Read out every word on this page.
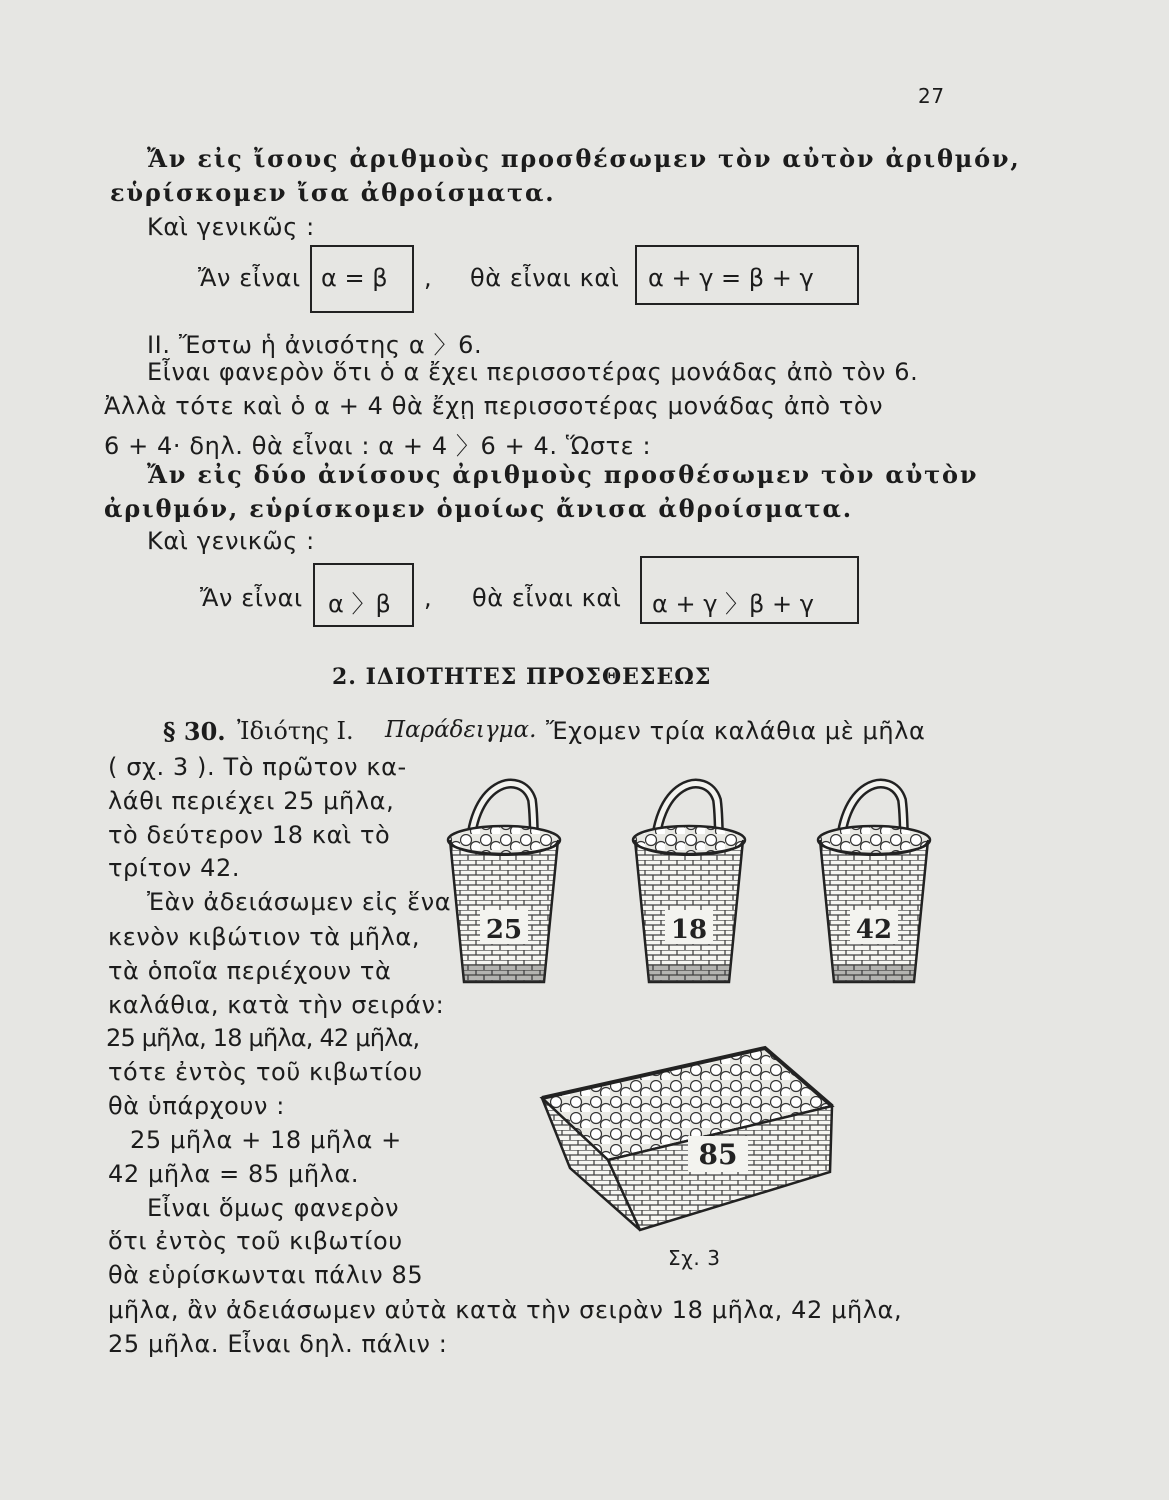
27
Ἄν εἰς ἴσους ἀριθμοὺς προσθέσωμεν τὸν αὐτὸν ἀριθμόν,
εὑρίσκομεν ἴσα ἀθροίσματα.
Καὶ γενικῶς :
Ἄν εἶναι α = β , θὰ εἶναι καὶ α + γ = β + γ
II. Ἔστω ἡ ἀνισότης α 〉6.
Εἶναι φανερὸν ὅτι ὁ α ἔχει περισσοτέρας μονάδας ἀπὸ τὸν 6.
Ἀλλὰ τότε καὶ ὁ α + 4 θὰ ἔχῃ περισσοτέρας μονάδας ἀπὸ τὸν
6 + 4· δηλ. θὰ εἶναι : α + 4 〉6 + 4. Ὥστε :
Ἄν εἰς δύο ἀνίσους ἀριθμοὺς προσθέσωμεν τὸν αὐτὸν
ἀριθμόν, εὑρίσκομεν ὁμοίως ἄνισα ἀθροίσματα.
Καὶ γενικῶς :
Ἄν εἶναι α 〉β , θὰ εἶναι καὶ α + γ 〉β + γ
2. ΙΔΙΟΤΗΤΕΣ ΠΡΟΣΘΕΣΕΩΣ
§ 30. Ἰδιότης I. Παράδειγμα. Ἔχομεν τρία καλάθια μὲ μῆλα
( σχ. 3 ). Τὸ πρῶτον κα-
λάθι περιέχει 25 μῆλα,
τὸ δεύτερον 18 καὶ τὸ
τρίτον 42.
Ἐὰν ἀδειάσωμεν εἰς ἕνα
κενὸν κιβώτιον τὰ μῆλα,
τὰ ὁποῖα περιέχουν τὰ
καλάθια, κατὰ τὴν σειράν:
25 μῆλα, 18 μῆλα, 42 μῆλα,
τότε ἐντὸς τοῦ κιβωτίου
θὰ ὑπάρχουν :
25 μῆλα + 18 μῆλα +
42 μῆλα = 85 μῆλα.
Εἶναι ὅμως φανερὸν
ὅτι ἐντὸς τοῦ κιβωτίου
θὰ εὑρίσκωνται πάλιν 85
μῆλα, ἂν ἀδειάσωμεν αὐτὰ κατὰ τὴν σειρὰν 18 μῆλα, 42 μῆλα,
25 μῆλα. Εἶναι δηλ. πάλιν :
25	18	42
85
Σχ. 3
